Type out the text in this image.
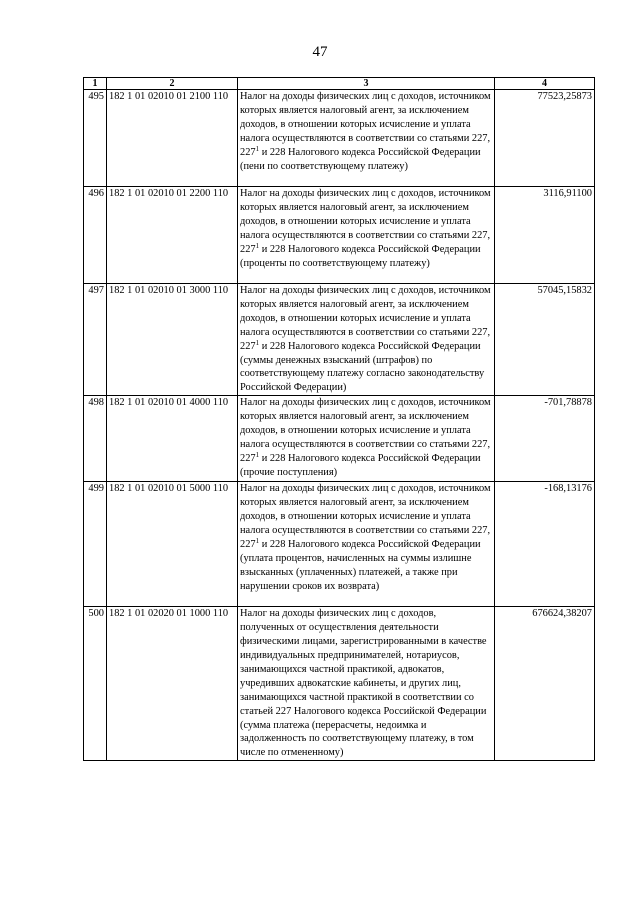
47
1	2	3	4
495	182 1 01 02010 01 2100 110	Налог на доходы физических лиц с доходов, источником которых является налоговый агент, за исключением доходов, в отношении которых исчисление и уплата налога осуществляются в соответствии со статьями 227, $227^1$ и 228 Налогового кодекса Российской Федерации (пени по соответствующему платежу)	77523,25873
496	182 1 01 02010 01 2200 110	Налог на доходы физических лиц с доходов, источником которых является налоговый агент, за исключением доходов, в отношении которых исчисление и уплата налога осуществляются в соответствии со статьями 227, $227^1$ и 228 Налогового кодекса Российской Федерации (проценты по соответствующему платежу)	3116,91100
497	182 1 01 02010 01 3000 110	Налог на доходы физических лиц с доходов, источником которых является налоговый агент, за исключением доходов, в отношении которых исчисление и уплата налога осуществляются в соответствии со статьями 227, $227^1$ и 228 Налогового кодекса Российской Федерации (суммы денежных взысканий (штрафов) по соответствующему платежу согласно законодательству Российской Федерации)	57045,15832
498	182 1 01 02010 01 4000 110	Налог на доходы физических лиц с доходов, источником которых является налоговый агент, за исключением доходов, в отношении которых исчисление и уплата налога осуществляются в соответствии со статьями 227, $227^1$ и 228 Налогового кодекса Российской Федерации (прочие поступления)	-701,78878
499	182 1 01 02010 01 5000 110	Налог на доходы физических лиц с доходов, источником которых является налоговый агент, за исключением доходов, в отношении которых исчисление и уплата налога осуществляются в соответствии со статьями 227, $227^1$ и 228 Налогового кодекса Российской Федерации (уплата процентов, начисленных на суммы излишне взысканных (уплаченных) платежей, а также при нарушении сроков их возврата)	-168,13176
500	182 1 01 02020 01 1000 110	Налог на доходы физических лиц с доходов, полученных от осуществления деятельности физическими лицами, зарегистрированными в качестве индивидуальных предпринимателей, нотариусов, занимающихся частной практикой, адвокатов, учредивших адвокатские кабинеты, и других лиц, занимающихся частной практикой в соответствии со статьей 227 Налогового кодекса Российской Федерации (сумма платежа (перерасчеты, недоимка и задолженность по соответствующему платежу, в том числе по отмененному)	676624,38207
